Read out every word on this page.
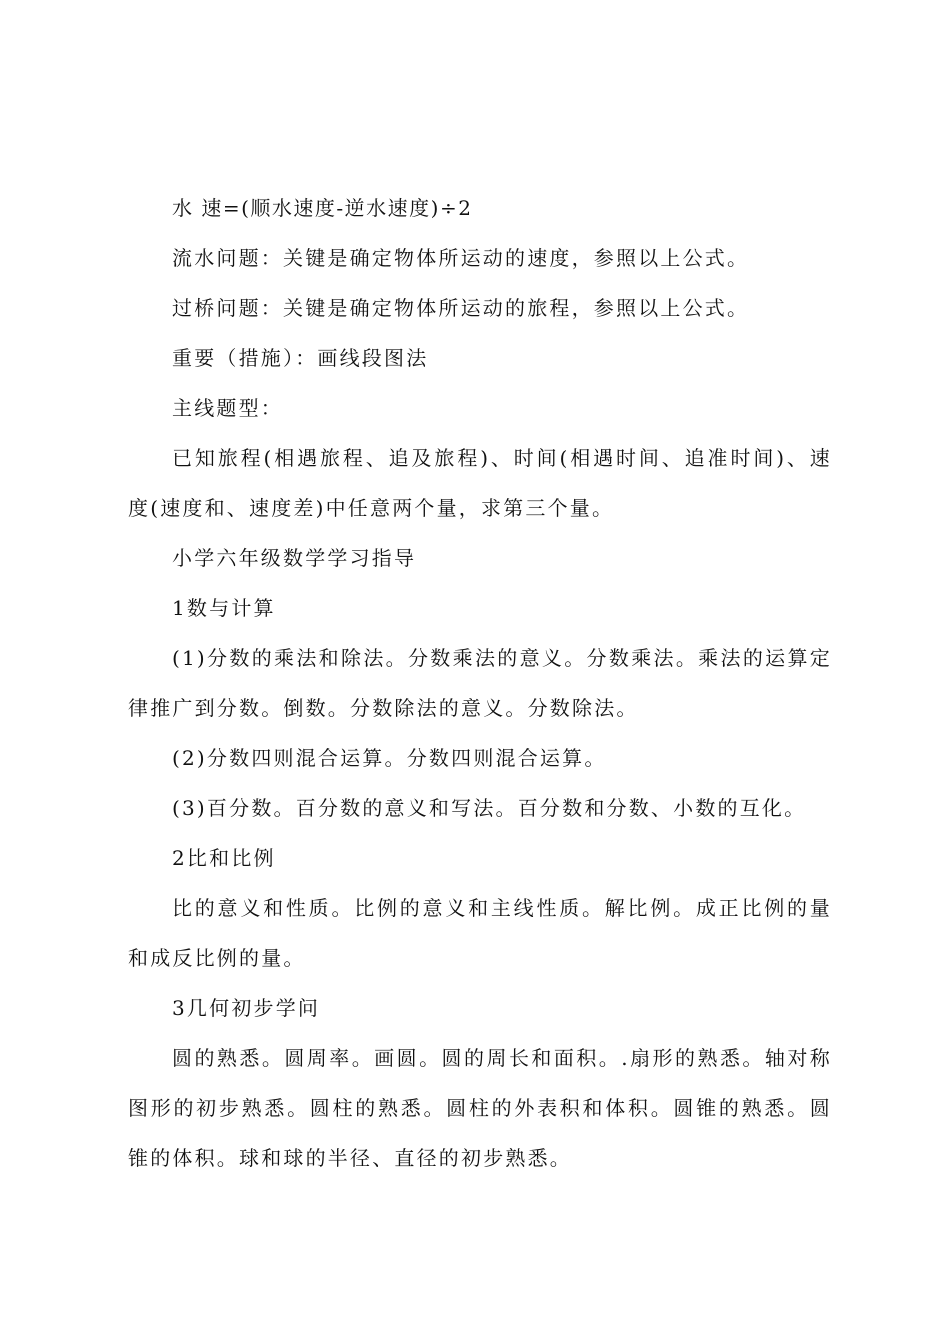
水 速=(顺水速度-逆水速度)÷2

流水问题：关键是确定物体所运动的速度，参照以上公式。

过桥问题：关键是确定物体所运动的旅程，参照以上公式。

重要（措施）：画线段图法

主线题型：

已知旅程(相遇旅程、追及旅程)、时间(相遇时间、追准时间)、速度(速度和、速度差)中任意两个量，求第三个量。

小学六年级数学学习指导

1数与计算

(1)分数的乘法和除法。分数乘法的意义。分数乘法。乘法的运算定律推广到分数。倒数。分数除法的意义。分数除法。

(2)分数四则混合运算。分数四则混合运算。

(3)百分数。百分数的意义和写法。百分数和分数、小数的互化。

2比和比例

比的意义和性质。比例的意义和主线性质。解比例。成正比例的量和成反比例的量。

3几何初步学问

圆的熟悉。圆周率。画圆。圆的周长和面积。.扇形的熟悉。轴对称图形的初步熟悉。圆柱的熟悉。圆柱的外表积和体积。圆锥的熟悉。圆锥的体积。球和球的半径、直径的初步熟悉。
